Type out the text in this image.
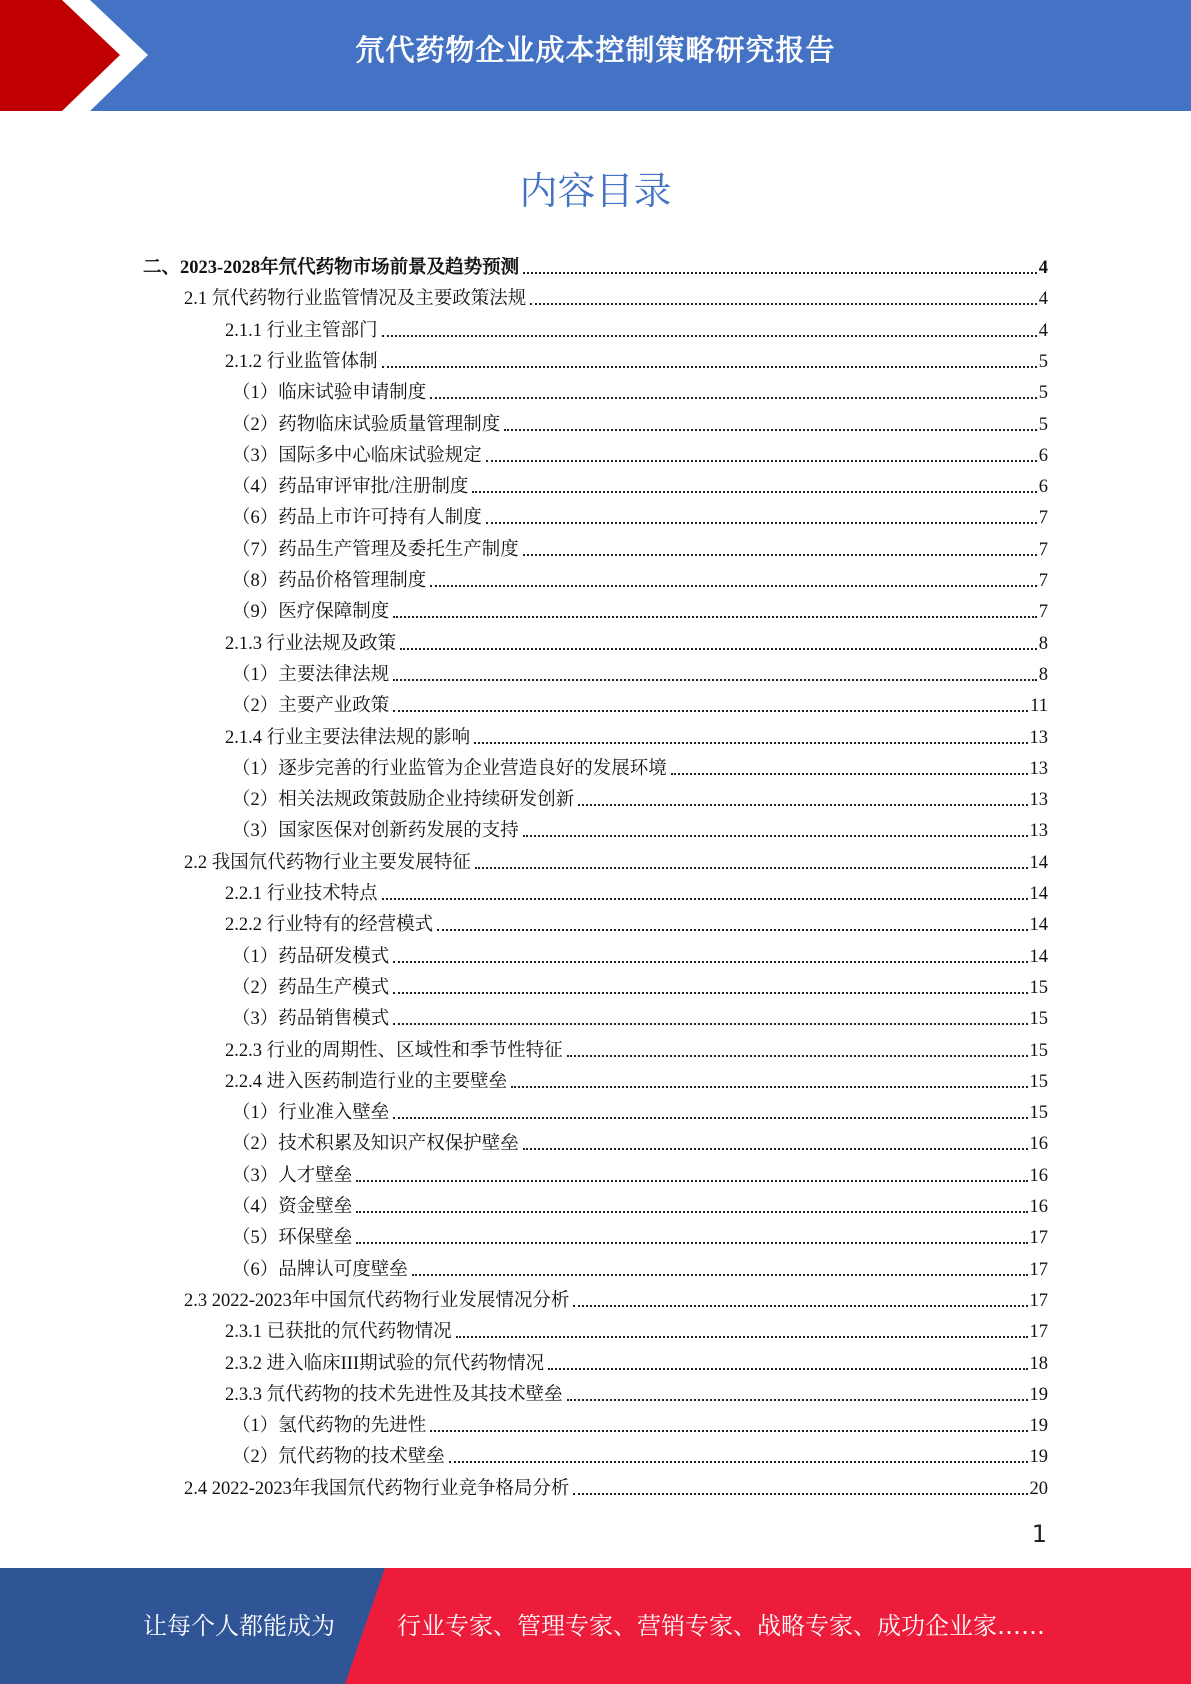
氘代药物企业成本控制策略研究报告
内容目录
二、2023-2028年氘代药物市场前景及趋势预测	4
2.1 氘代药物行业监管情况及主要政策法规	4
2.1.1 行业主管部门	4
2.1.2 行业监管体制	5
（1）临床试验申请制度	5
（2）药物临床试验质量管理制度	5
（3）国际多中心临床试验规定	6
（4）药品审评审批/注册制度	6
（6）药品上市许可持有人制度	7
（7）药品生产管理及委托生产制度	7
（8）药品价格管理制度	7
（9）医疗保障制度	7
2.1.3 行业法规及政策	8
（1）主要法律法规	8
（2）主要产业政策	11
2.1.4 行业主要法律法规的影响	13
（1）逐步完善的行业监管为企业营造良好的发展环境	13
（2）相关法规政策鼓励企业持续研发创新	13
（3）国家医保对创新药发展的支持	13
2.2 我国氘代药物行业主要发展特征	14
2.2.1 行业技术特点	14
2.2.2 行业特有的经营模式	14
（1）药品研发模式	14
（2）药品生产模式	15
（3）药品销售模式	15
2.2.3 行业的周期性、区域性和季节性特征	15
2.2.4 进入医药制造行业的主要壁垒	15
（1）行业准入壁垒	15
（2）技术积累及知识产权保护壁垒	16
（3）人才壁垒	16
（4）资金壁垒	16
（5）环保壁垒	17
（6）品牌认可度壁垒	17
2.3 2022-2023年中国氘代药物行业发展情况分析	17
2.3.1 已获批的氘代药物情况	17
2.3.2 进入临床III期试验的氘代药物情况	18
2.3.3 氘代药物的技术先进性及其技术壁垒	19
（1）氢代药物的先进性	19
（2）氘代药物的技术壁垒	19
2.4 2022-2023年我国氘代药物行业竞争格局分析	20
1
让每个人都能成为	行业专家、管理专家、营销专家、战略专家、成功企业家……
